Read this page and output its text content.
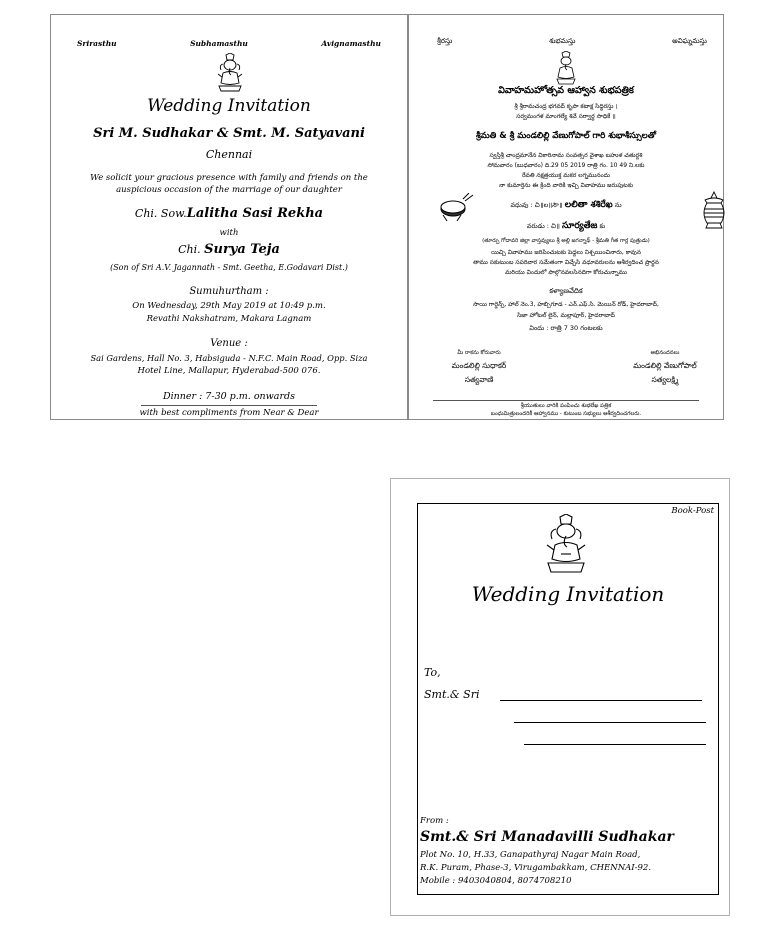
Srirasthu	Subhamasthu	Avignamasthu
Wedding Invitation
Sri M. Sudhakar & Smt. M. Satyavani
Chennai
We solicit your gracious presence with family and friends on the auspicious occasion of the marriage of our daughter
Chi. Sow.Lalitha Sasi Rekha
with
Chi. Surya Teja
(Son of Sri A.V. Jagannath - Smt. Geetha, E.Godavari Dist.)
Sumuhurtham :
On Wednesday, 29th May 2019 at 10:49 p.m.
Revathi Nakshatram, Makara Lagnam
Venue :
Sai Gardens, Hall No. 3, Habsiguda - N.F.C. Main Road, Opp. Siza
Hotel Line, Mallapur, Hyderabad-500 076.
Dinner : 7-30 p.m. onwards
with best compliments from Near & Dear
శ్రీరస్తు	శుభమస్తు	అవిఘ్నమస్తు
వివాహమహోత్సవ ఆహ్వాన శుభపత్రిక
శ్రీ శ్రీరామచంద్ర భగవద్ కృపా కటాక్ష సిద్ధిరస్తు ।
సర్వమంగళ మాంగల్యే శివే సర్వార్థ సాధికే ॥
శ్రీమతి & శ్రీ మండలిల్లి వేణుగోపాల్ గారి శుభాశీస్సులతో

స్వస్తిశ్రీ చాంద్రమానేన వికారినామ సంవత్సర వైశాఖ బహుళ చతుర్దశి

సోమవారం (బుధవారం) ది.29 05 2019 రాత్రి గం. 10 49 ని.లకు

రేవతి నక్షత్రయుక్త మకర లగ్నమునందు

నా కుమార్తెను ఈ క్రింది వారికి ఇచ్చి వివాహము జరుపుటకు

వధువు : చి॥ల॥సౌ॥ లలితా శశిరేఖ ను
వరుడు : చి॥ సూర్యతేజ కు
(తూర్పు గోదావరి జిల్లా వాస్తవ్యులు శ్రీ అల్లి జగన్నాథ్ - శ్రీమతి గీత గార్ల పుత్రుడు)

యిచ్చి వివాహము జరిపించుటకు పెద్దలు నిశ్చయించినారు, కావున

తాము సకుటుంబ సపరివార సమేతంగా విచ్చేసి వధూవరులను ఆశీర్వదించ ప్రార్థన

మరియు విందులో పాల్గొనవలసినదిగా కోరుచున్నాము

కళ్యాణవేదిక
సాయి గార్డెన్స్, హాల్ నెం.3, హబ్సిగూడ - ఎన్.ఎఫ్.సి. మెయిన్ రోడ్, హైదరాబాద్,
సిజా హోటల్ లైన్, మల్లాపూర్, హైదరాబాద్
విందు : రాత్రి 7 30 గంటలకు

మీ రాకను కోరువారు

మండలిల్లి సుధాకర్

సత్యవాణి

అభినందనలు

మండలిల్లి వేణుగోపాల్

సత్యలక్ష్మి

శ్రీయుతులు వారికి పంపించు శుభలేఖ పత్రిక

బంధుమిత్రులందరికీ ఆహ్వానము - కుటుంబ సభ్యులు ఆశీర్వదించగలరు.

Book-Post
Wedding Invitation
To,
Smt.& Sri
From :
Smt.& Sri Manadavilli Sudhakar
Plot No. 10, H.33, Ganapathyraj Nagar Main Road,
R.K. Puram, Phase-3, Virugambakkam, CHENNAI-92.
Mobile : 9403040804, 8074708210
